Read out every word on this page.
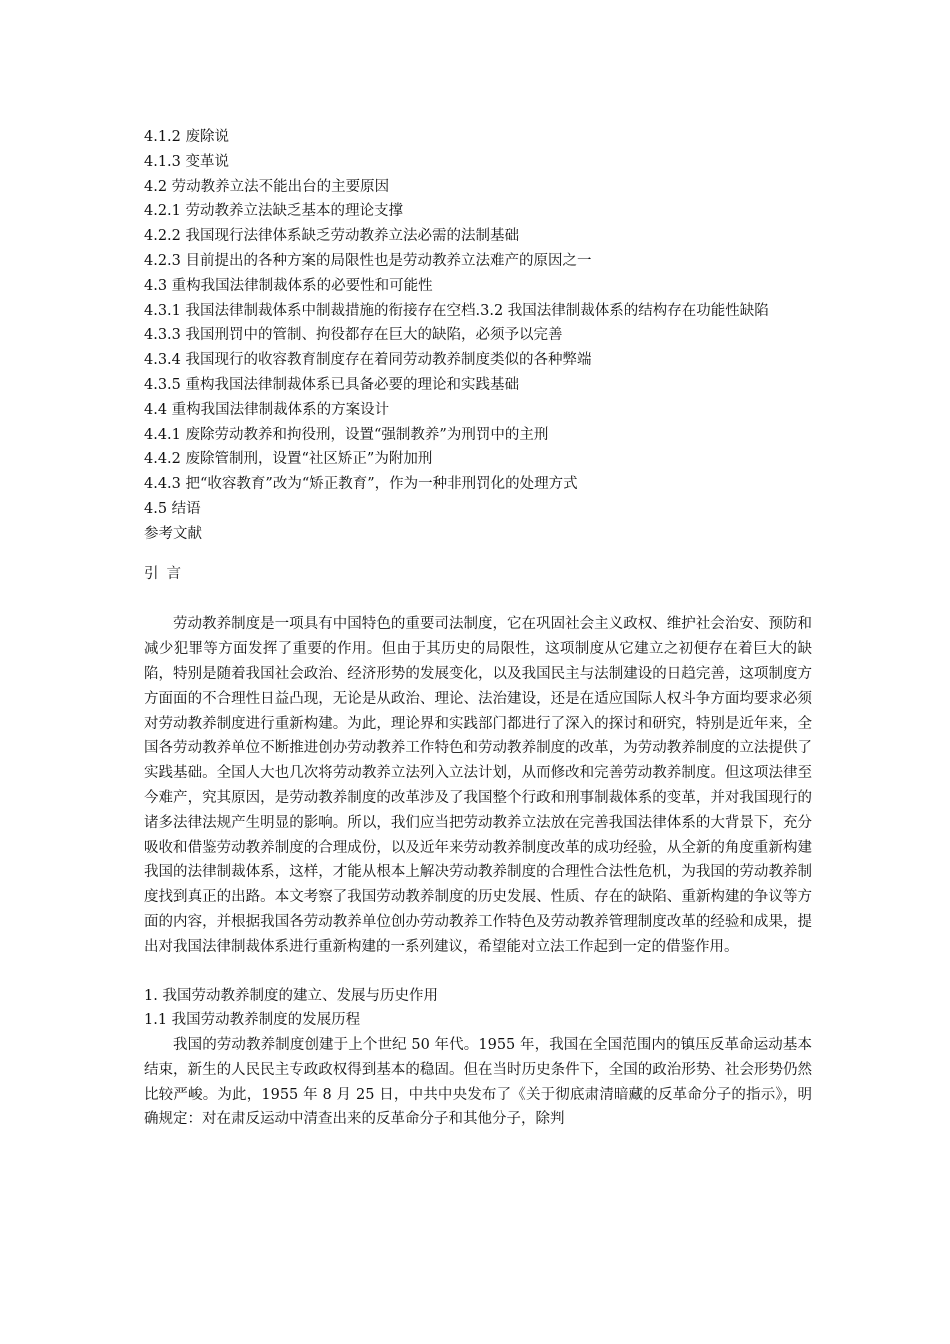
4.1.2 废除说
4.1.3 变革说
4.2 劳动教养立法不能出台的主要原因
4.2.1 劳动教养立法缺乏基本的理论支撑
4.2.2 我国现行法律体系缺乏劳动教养立法必需的法制基础
4.2.3 目前提出的各种方案的局限性也是劳动教养立法难产的原因之一
4.3 重构我国法律制裁体系的必要性和可能性
4.3.1 我国法律制裁体系中制裁措施的衔接存在空档.3.2 我国法律制裁体系的结构存在功能性缺陷
4.3.3 我国刑罚中的管制、拘役都存在巨大的缺陷，必须予以完善
4.3.4 我国现行的收容教育制度存在着同劳动教养制度类似的各种弊端
4.3.5 重构我国法律制裁体系已具备必要的理论和实践基础
4.4 重构我国法律制裁体系的方案设计
4.4.1 废除劳动教养和拘役刑，设置“强制教养”为刑罚中的主刑
4.4.2 废除管制刑，设置“社区矫正”为附加刑
4.4.3 把“收容教育”改为“矫正教育”，作为一种非刑罚化的处理方式
4.5 结语
参考文献
引言
劳动教养制度是一项具有中国特色的重要司法制度，它在巩固社会主义政权、维护社会治安、预防和减少犯罪等方面发挥了重要的作用。但由于其历史的局限性，这项制度从它建立之初便存在着巨大的缺陷，特别是随着我国社会政治、经济形势的发展变化，以及我国民主与法制建设的日趋完善，这项制度方方面面的不合理性日益凸现，无论是从政治、理论、法治建设，还是在适应国际人权斗争方面均要求必须对劳动教养制度进行重新构建。为此，理论界和实践部门都进行了深入的探讨和研究，特别是近年来，全国各劳动教养单位不断推进创办劳动教养工作特色和劳动教养制度的改革，为劳动教养制度的立法提供了实践基础。全国人大也几次将劳动教养立法列入立法计划，从而修改和完善劳动教养制度。但这项法律至今难产，究其原因，是劳动教养制度的改革涉及了我国整个行政和刑事制裁体系的变革，并对我国现行的诸多法律法规产生明显的影响。所以，我们应当把劳动教养立法放在完善我国法律体系的大背景下，充分吸收和借鉴劳动教养制度的合理成份，以及近年来劳动教养制度改革的成功经验，从全新的角度重新构建我国的法律制裁体系，这样，才能从根本上解决劳动教养制度的合理性合法性危机，为我国的劳动教养制度找到真正的出路。本文考察了我国劳动教养制度的历史发展、性质、存在的缺陷、重新构建的争议等方面的内容，并根据我国各劳动教养单位创办劳动教养工作特色及劳动教养管理制度改革的经验和成果，提出对我国法律制裁体系进行重新构建的一系列建议，希望能对立法工作起到一定的借鉴作用。
1. 我国劳动教养制度的建立、发展与历史作用
1.1 我国劳动教养制度的发展历程
我国的劳动教养制度创建于上个世纪 50 年代。1955 年，我国在全国范围内的镇压反革命运动基本结束，新生的人民民主专政政权得到基本的稳固。但在当时历史条件下，全国的政治形势、社会形势仍然比较严峻。为此，1955 年 8 月 25 日，中共中央发布了《关于彻底肃清暗藏的反革命分子的指示》，明确规定：对在肃反运动中清查出来的反革命分子和其他分子，除判
